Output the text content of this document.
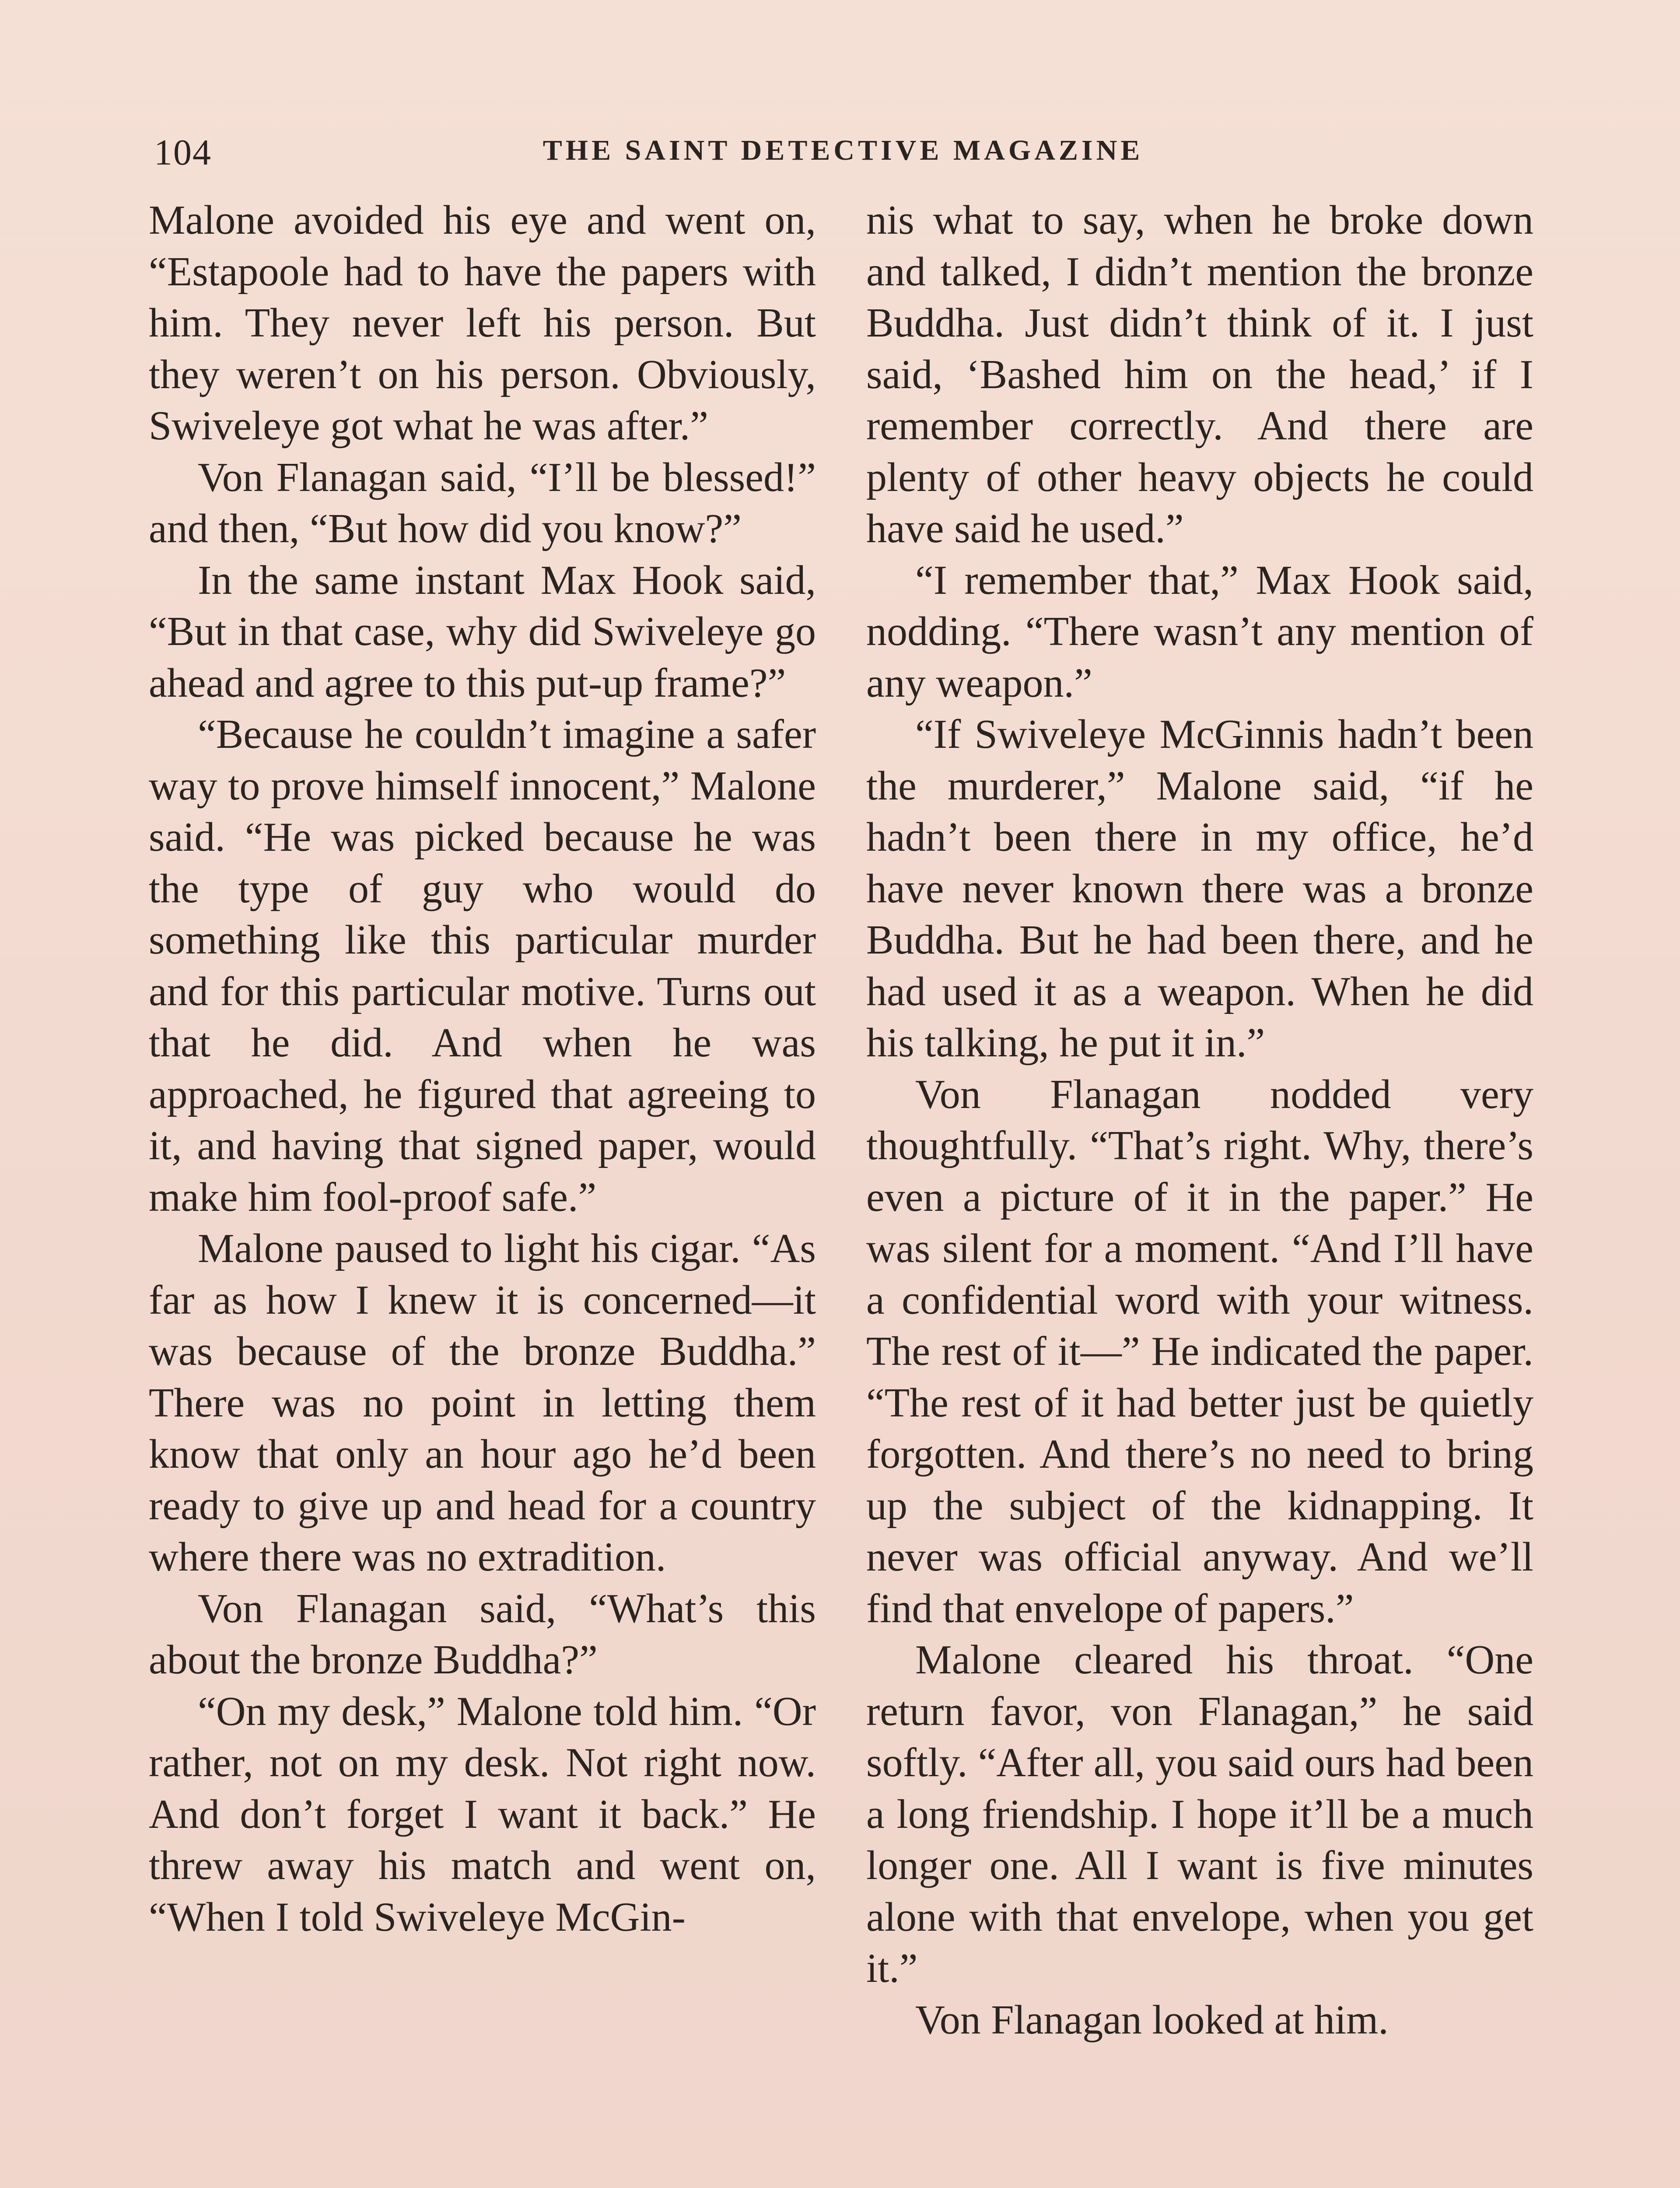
104	THE SAINT DETECTIVE MAGAZINE

Malone avoided his eye and went on, “Estapoole had to have the papers with him. They never left his person. But they weren’t on his person. Obviously, Swiveleye got what he was after.”

Von Flanagan said, “I’ll be blessed!” and then, “But how did you know?”

In the same instant Max Hook said, “But in that case, why did Swiveleye go ahead and agree to this put-up frame?”

“Because he couldn’t imagine a safer way to prove himself innocent,” Malone said. “He was picked because he was the type of guy who would do something like this particular murder and for this particular motive. Turns out that he did. And when he was approached, he figured that agreeing to it, and having that signed paper, would make him fool-proof safe.”

Malone paused to light his cigar. “As far as how I knew it is concerned—it was because of the bronze Buddha.” There was no point in letting them know that only an hour ago he’d been ready to give up and head for a country where there was no extradition.

Von Flanagan said, “What’s this about the bronze Buddha?”

“On my desk,” Malone told him. “Or rather, not on my desk. Not right now. And don’t forget I want it back.” He threw away his match and went on, “When I told Swiveleye McGin-

nis what to say, when he broke down and talked, I didn’t mention the bronze Buddha. Just didn’t think of it. I just said, ‘Bashed him on the head,’ if I remember correctly. And there are plenty of other heavy objects he could have said he used.”

“I remember that,” Max Hook said, nodding. “There wasn’t any mention of any weapon.”

“If Swiveleye McGinnis hadn’t been the murderer,” Malone said, “if he hadn’t been there in my office, he’d have never known there was a bronze Buddha. But he had been there, and he had used it as a weapon. When he did his talking, he put it in.”

Von Flanagan nodded very thoughtfully. “That’s right. Why, there’s even a picture of it in the paper.” He was silent for a moment. “And I’ll have a confidential word with your witness. The rest of it—” He indicated the paper. “The rest of it had better just be quietly forgotten. And there’s no need to bring up the subject of the kidnapping. It never was official anyway. And we’ll find that envelope of papers.”

Malone cleared his throat. “One return favor, von Flanagan,” he said softly. “After all, you said ours had been a long friendship. I hope it’ll be a much longer one. All I want is five minutes alone with that envelope, when you get it.”

Von Flanagan looked at him.
